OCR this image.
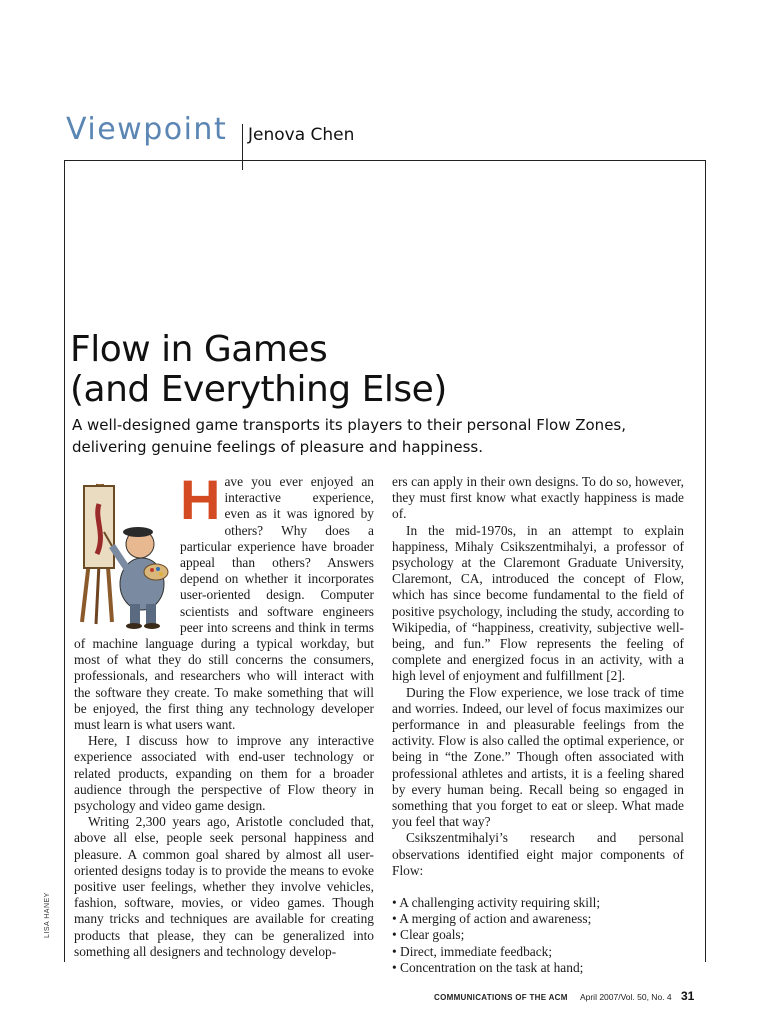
Viewpoint Jenova Chen
Flow in Games
(and Everything Else)
A well-designed game transports its players to their personal Flow Zones, delivering genuine feelings of pleasure and happiness.

Have you ever enjoyed an interactive experience, even as it was ignored by others? Why does a particular experience have broader appeal than others? Answers depend on whether it incorporates user-oriented design. Computer scientists and software engineers peer into screens and think in terms of machine language during a typical workday, but most of what they do still concerns the consumers, professionals, and researchers who will interact with the software they create. To make something that will be enjoyed, the first thing any technology developer must learn is what users want.

Here, I discuss how to improve any interactive experience associated with end-user technology or related products, expanding on them for a broader audience through the perspective of Flow theory in psychology and video game design.

Writing 2,300 years ago, Aristotle concluded that, above all else, people seek personal happiness and pleasure. A common goal shared by almost all user-oriented designs today is to provide the means to evoke positive user feelings, whether they involve vehicles, fashion, software, movies, or video games. Though many tricks and techniques are available for creating products that please, they can be generalized into something all designers and technology develop-

ers can apply in their own designs. To do so, however, they must first know what exactly happiness is made of.

In the mid-1970s, in an attempt to explain happiness, Mihaly Csikszentmihalyi, a professor of psychology at the Claremont Graduate University, Claremont, CA, introduced the concept of Flow, which has since become fundamental to the field of positive psychology, including the study, according to Wikipedia, of “happiness, creativity, subjective well-being, and fun.” Flow represents the feeling of complete and energized focus in an activity, with a high level of enjoyment and fulfillment [2].

During the Flow experience, we lose track of time and worries. Indeed, our level of focus maximizes our performance in and pleasurable feelings from the activity. Flow is also called the optimal experience, or being in “the Zone.” Though often associated with professional athletes and artists, it is a feeling shared by every human being. Recall being so engaged in something that you forget to eat or sleep. What made you feel that way?

Csikszentmihalyi’s research and personal observations identified eight major components of Flow:

• A challenging activity requiring skill;
• A merging of action and awareness;
• Clear goals;
• Direct, immediate feedback;
• Concentration on the task at hand;
LISA HANEY
COMMUNICATIONS OF THE ACM April 2007/Vol. 50, No. 4 31
